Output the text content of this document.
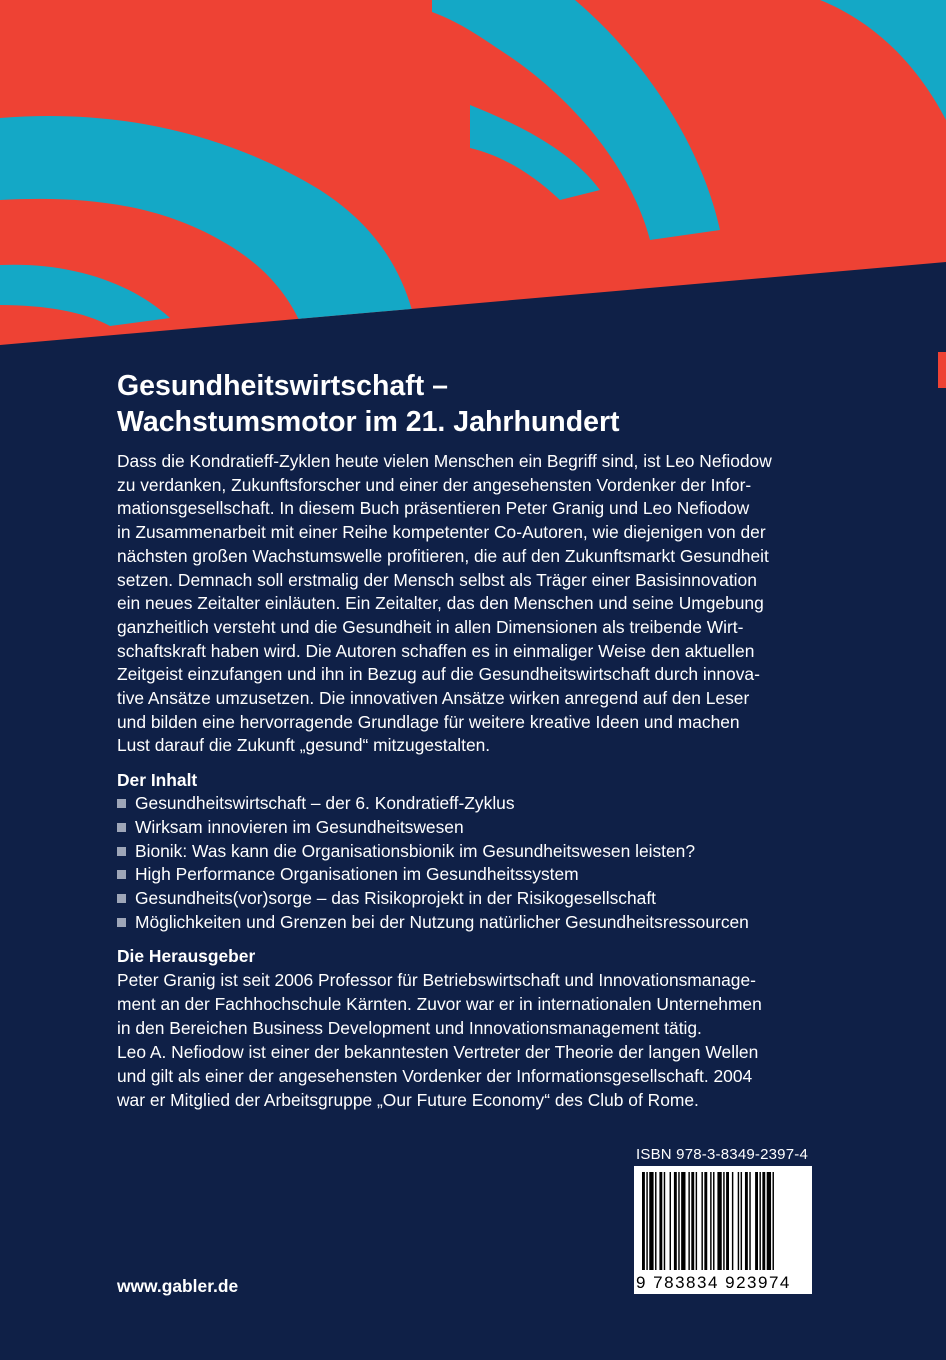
Gesundheitswirtschaft –
Wachstumsmotor im 21. Jahrhundert

Dass die Kondratieff-Zyklen heute vielen Menschen ein Begriff sind, ist Leo Nefiodow
zu verdanken, Zukunftsforscher und einer der angesehensten Vordenker der Infor-
mationsgesellschaft. In diesem Buch präsentieren Peter Granig und Leo Nefiodow
in Zusammenarbeit mit einer Reihe kompetenter Co-Autoren, wie diejenigen von der
nächsten großen Wachstumswelle profitieren, die auf den Zukunftsmarkt Gesundheit
setzen. Demnach soll erstmalig der Mensch selbst als Träger einer Basisinnovation
ein neues Zeitalter einläuten. Ein Zeitalter, das den Menschen und seine Umgebung
ganzheitlich versteht und die Gesundheit in allen Dimensionen als treibende Wirt-
schaftskraft haben wird. Die Autoren schaffen es in einmaliger Weise den aktuellen
Zeitgeist einzufangen und ihn in Bezug auf die Gesundheitswirtschaft durch innova-
tive Ansätze umzusetzen. Die innovativen Ansätze wirken anregend auf den Leser
und bilden eine hervorragende Grundlage für weitere kreative Ideen und machen
Lust darauf die Zukunft „gesund“ mitzugestalten.

Der Inhalt
Gesundheitswirtschaft – der 6. Kondratieff-Zyklus
Wirksam innovieren im Gesundheitswesen
Bionik: Was kann die Organisationsbionik im Gesundheitswesen leisten?
High Performance Organisationen im Gesundheitssystem
Gesundheits(vor)sorge – das Risikoprojekt in der Risikogesellschaft
Möglichkeiten und Grenzen bei der Nutzung natürlicher Gesundheitsressourcen
Die Herausgeber

Peter Granig ist seit 2006 Professor für Betriebswirtschaft und Innovationsmanage-
ment an der Fachhochschule Kärnten. Zuvor war er in internationalen Unternehmen
in den Bereichen Business Development und Innovationsmanagement tätig.
Leo A. Nefiodow ist einer der bekanntesten Vertreter der Theorie der langen Wellen
und gilt als einer der angesehensten Vordenker der Informationsgesellschaft. 2004
war er Mitglied der Arbeitsgruppe „Our Future Economy“ des Club of Rome.

www.gabler.de
ISBN 978-3-8349-2397-4
9 783834 923974
